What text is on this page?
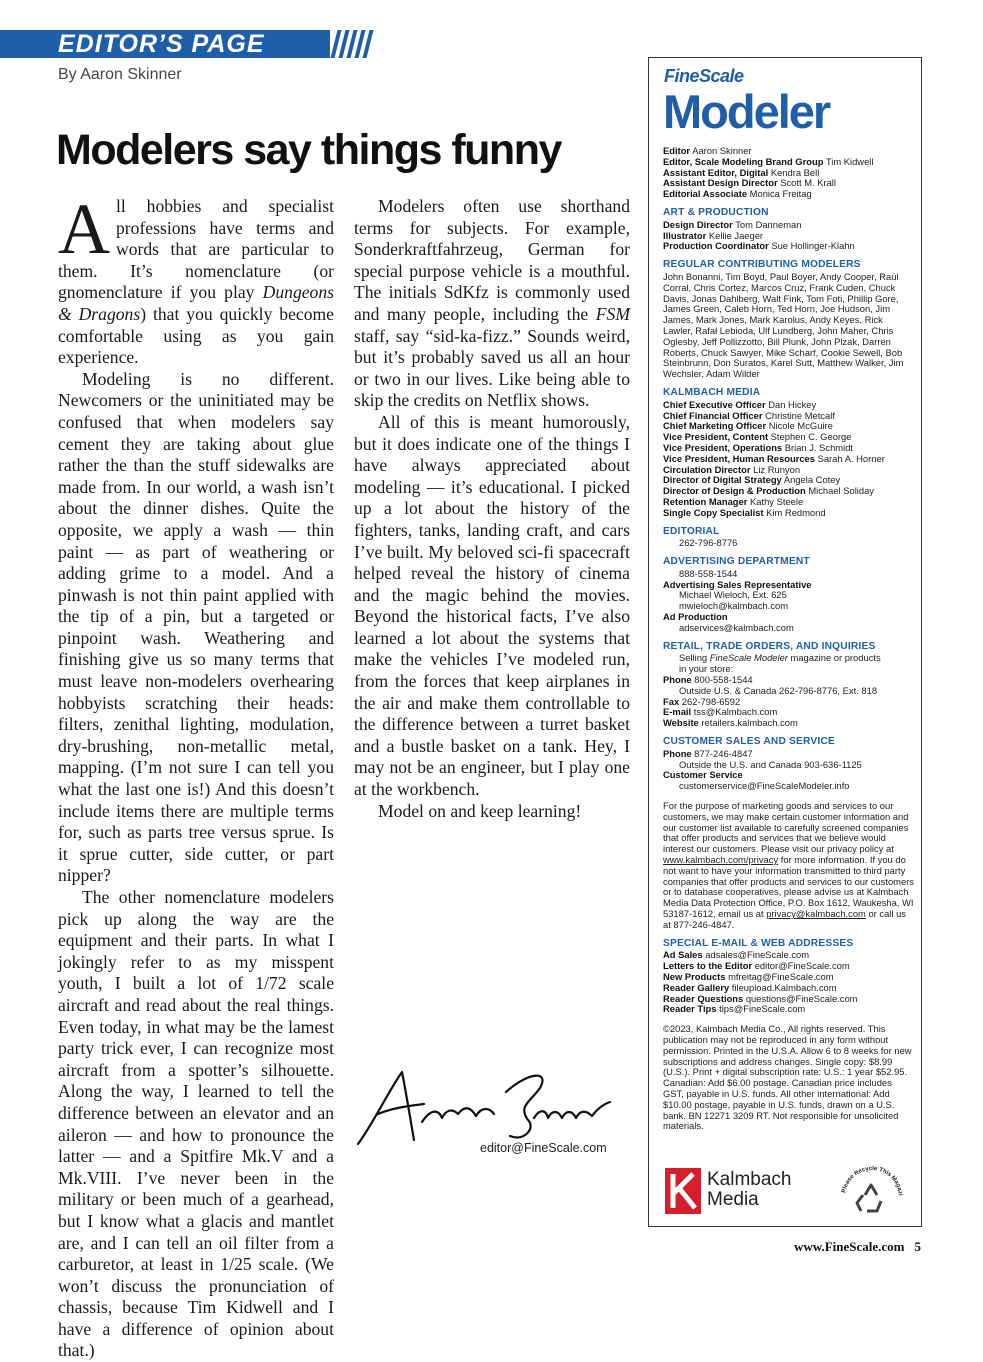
EDITOR’S PAGE
By Aaron Skinner
Modelers say things funny

All hobbies and specialist professions have terms and words that are particular to them. It’s nomenclature (or gnomenclature if you play Dungeons & Dragons) that you quickly become comfortable using as you gain experience.

Modeling is no different. Newcomers or the uninitiated may be confused that when modelers say cement they are taking about glue rather the than the stuff sidewalks are made from. In our world, a wash isn’t about the dinner dishes. Quite the opposite, we apply a wash — thin paint — as part of weathering or adding grime to a model. And a pinwash is not thin paint applied with the tip of a pin, but a targeted or pinpoint wash. Weathering and finishing give us so many terms that must leave non-modelers overhearing hobbyists scratching their heads: filters, zenithal lighting, modulation, dry-brushing, non-metallic metal, mapping. (I’m not sure I can tell you what the last one is!) And this doesn’t include items there are multiple terms for, such as parts tree versus sprue. Is it sprue cutter, side cutter, or part nipper?

The other nomenclature modelers pick up along the way are the equipment and their parts. In what I jokingly refer to as my misspent youth, I built a lot of 1/72 scale aircraft and read about the real things. Even today, in what may be the lamest party trick ever, I can recognize most aircraft from a spotter’s silhouette. Along the way, I learned to tell the difference between an elevator and an aileron — and how to pronounce the latter — and a Spitfire Mk.V and a Mk.VIII. I’ve never been in the military or been much of a gearhead, but I know what a glacis and mantlet are, and I can tell an oil filter from a carburetor, at least in 1/25 scale. (We won’t discuss the pronunciation of chassis, because Tim Kidwell and I have a difference of opinion about that.)

Modelers often use shorthand terms for subjects. For example, Sonderkraftfahrzeug, German for special purpose vehicle is a mouthful. The initials SdKfz is commonly used and many people, including the FSM staff, say “sid-ka-fizz.” Sounds weird, but it’s probably saved us all an hour or two in our lives. Like being able to skip the credits on Netflix shows.

All of this is meant humorously, but it does indicate one of the things I have always appreciated about modeling — it’s educational. I picked up a lot about the history of the fighters, tanks, landing craft, and cars I’ve built. My beloved sci-fi spacecraft helped reveal the history of cinema and the magic behind the movies. Beyond the historical facts, I’ve also learned a lot about the systems that make the vehicles I’ve modeled run, from the forces that keep airplanes in the air and make them controllable to the difference between a turret basket and a bustle basket on a tank. Hey, I may not be an engineer, but I play one at the workbench.

Model on and keep learning!

editor@FineScale.com
FineScale
Modeler

Editor Aaron Skinner

Editor, Scale Modeling Brand Group Tim Kidwell

Assistant Editor, Digital Kendra Bell

Assistant Design Director Scott M. Krall

Editorial Associate Monica Freitag

ART & PRODUCTION

Design Director Tom Danneman

Illustrator Kellie Jaeger

Production Coordinator Sue Hollinger-Klahn

REGULAR CONTRIBUTING MODELERS

John Bonanni, Tim Boyd, Paul Boyer, Andy Cooper, Raúl Corral, Chris Cortez, Marcos Cruz, Frank Cuden, Chuck Davis, Jonas Dahlberg, Walt Fink, Tom Foti, Phillip Gore, James Green, Caleb Horn, Ted Horn, Joe Hudson, Jim James, Mark Jones, Mark Karolus, Andy Keyes, Rick Lawler, Rafał Lebioda, Ulf Lundberg, John Maher, Chris Oglesby, Jeff Pollizzotto, Bill Plunk, John Plzak, Darren Roberts, Chuck Sawyer, Mike Scharf, Cookie Sewell, Bob Steinbrunn, Don Suratos, Karel Sutt, Matthew Walker, Jim Wechsler, Adam Wilder

KALMBACH MEDIA

Chief Executive Officer Dan Hickey

Chief Financial Officer Christine Metcalf

Chief Marketing Officer Nicole McGuire

Vice President, Content Stephen C. George

Vice President, Operations Brian J. Schmidt

Vice President, Human Resources Sarah A. Horner

Circulation Director Liz Runyon

Director of Digital Strategy Angela Cotey

Director of Design & Production Michael Soliday

Retention Manager Kathy Steele

Single Copy Specialist Kim Redmond

EDITORIAL

262-796-8776

ADVERTISING DEPARTMENT

888-558-1544

Advertising Sales Representative

Michael Wieloch, Ext. 625

mwieloch@kalmbach.com

Ad Production

adservices@kalmbach.com

RETAIL, TRADE ORDERS, AND INQUIRIES

Selling FineScale Modeler magazine or products

in your store:

Phone 800-558-1544

Outside U.S. & Canada 262-796-8776, Ext. 818

Fax 262-798-6592

E-mail tss@Kalmbach.com

Website retailers.kalmbach.com

CUSTOMER SALES AND SERVICE

Phone 877-246-4847

Outside the U.S. and Canada 903-636-1125

Customer Service

customerservice@FineScaleModeler.info

For the purpose of marketing goods and services to our customers, we may make certain customer information and our customer list available to carefully screened companies that offer products and services that we believe would interest our customers. Please visit our privacy policy at www.kalmbach.com/privacy for more information. If you do not want to have your information transmitted to third party companies that offer products and services to our customers or to database cooperatives, please advise us at Kalmbach Media Data Protection Office, P.O. Box 1612, Waukesha, WI 53187-1612, email us at privacy@kalmbach.com or call us at 877-246-4847.

SPECIAL E-MAIL & WEB ADDRESSES

Ad Sales adsales@FineScale.com

Letters to the Editor editor@FineScale.com

New Products mfreitag@FineScale.com

Reader Gallery fileupload.Kalmbach.com

Reader Questions questions@FineScale.com

Reader Tips tips@FineScale.com

©2023, Kalmbach Media Co., All rights reserved. This publication may not be reproduced in any form without permission. Printed in the U.S.A. Allow 6 to 8 weeks for new subscriptions and address changes. Single copy: $8.99 (U.S.). Print + digital subscription rate: U.S.: 1 year $52.95. Canadian: Add $6.00 postage. Canadian price includes GST, payable in U.S. funds. All other international: Add $10.00 postage, payable in U.S. funds, drawn on a U.S. bank. BN 12271 3209 RT. Not responsible for unsolicited materials.

Kalmbach
Media	Please Recycle This Magazi
www.FineScale.com 5
